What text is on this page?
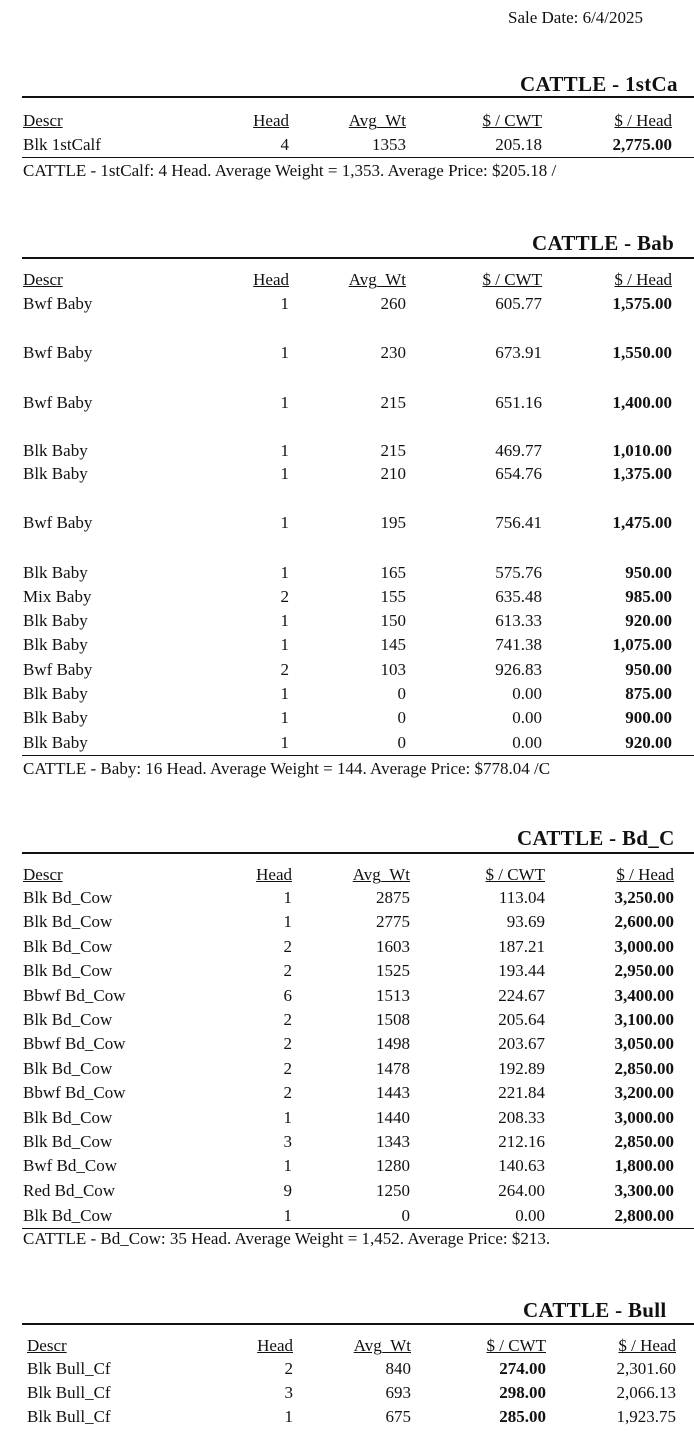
Sale Date: 6/4/2025
CATTLE - 1stCa
Descr	Head	Avg_Wt	$ / CWT	$ / Head
Blk 1stCalf	4	1353	205.18	2,775.00
CATTLE - 1stCalf: 4 Head. Average Weight = 1,353. Average Price: $205.18 /
CATTLE - Bab
Descr	Head	Avg_Wt	$ / CWT	$ / Head
Bwf Baby	1	260	605.77	1,575.00
Bwf Baby	1	230	673.91	1,550.00
Bwf Baby	1	215	651.16	1,400.00
Blk Baby	1	215	469.77	1,010.00
Blk Baby	1	210	654.76	1,375.00
Bwf Baby	1	195	756.41	1,475.00
Blk Baby	1	165	575.76	950.00
Mix Baby	2	155	635.48	985.00
Blk Baby	1	150	613.33	920.00
Blk Baby	1	145	741.38	1,075.00
Bwf Baby	2	103	926.83	950.00
Blk Baby	1	0	0.00	875.00
Blk Baby	1	0	0.00	900.00
Blk Baby	1	0	0.00	920.00
CATTLE - Baby: 16 Head. Average Weight = 144. Average Price: $778.04 /C
CATTLE - Bd_C
Descr	Head	Avg_Wt	$ / CWT	$ / Head
Blk Bd_Cow	1	2875	113.04	3,250.00
Blk Bd_Cow	1	2775	93.69	2,600.00
Blk Bd_Cow	2	1603	187.21	3,000.00
Blk Bd_Cow	2	1525	193.44	2,950.00
Bbwf Bd_Cow	6	1513	224.67	3,400.00
Blk Bd_Cow	2	1508	205.64	3,100.00
Bbwf Bd_Cow	2	1498	203.67	3,050.00
Blk Bd_Cow	2	1478	192.89	2,850.00
Bbwf Bd_Cow	2	1443	221.84	3,200.00
Blk Bd_Cow	1	1440	208.33	3,000.00
Blk Bd_Cow	3	1343	212.16	2,850.00
Bwf Bd_Cow	1	1280	140.63	1,800.00
Red Bd_Cow	9	1250	264.00	3,300.00
Blk Bd_Cow	1	0	0.00	2,800.00
CATTLE - Bd_Cow: 35 Head. Average Weight = 1,452. Average Price: $213.
CATTLE - Bull
Descr	Head	Avg_Wt	$ / CWT	$ / Head
Blk Bull_Cf	2	840	274.00	2,301.60
Blk Bull_Cf	3	693	298.00	2,066.13
Blk Bull_Cf	1	675	285.00	1,923.75
